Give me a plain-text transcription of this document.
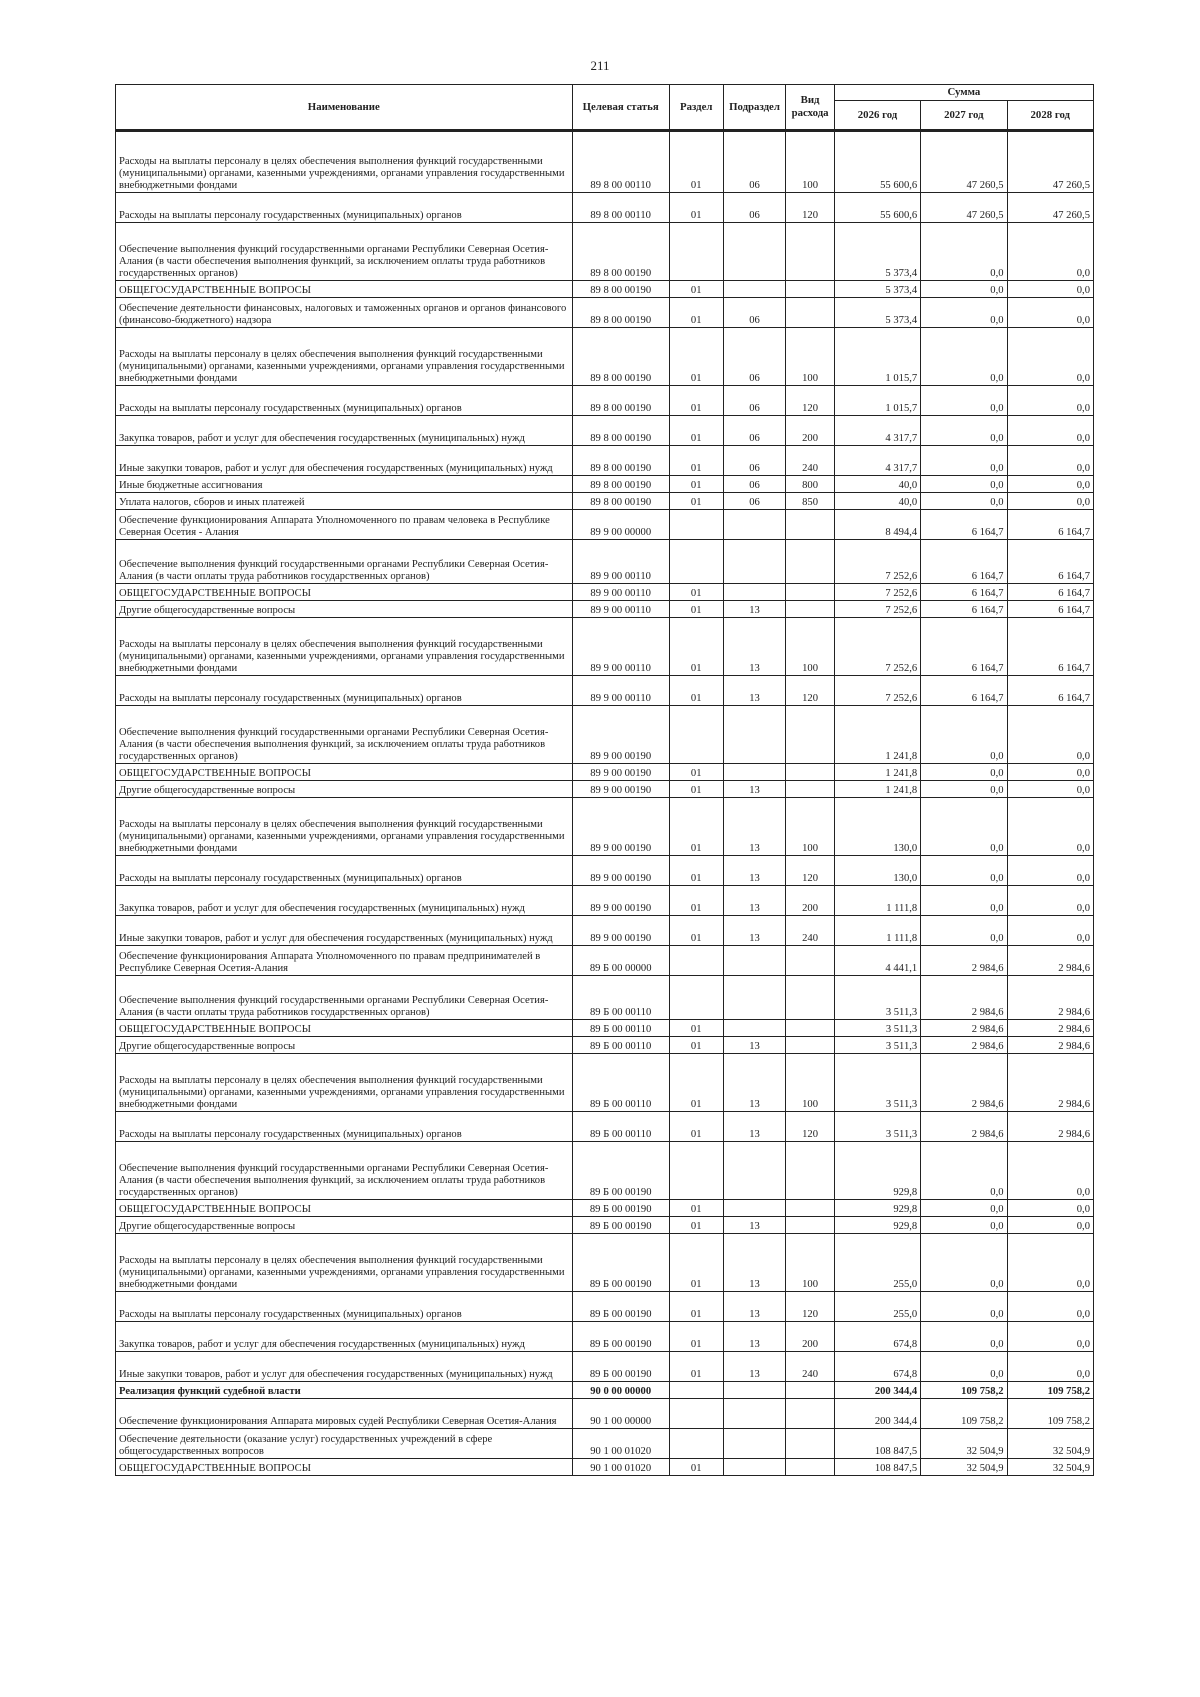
211
Наименование	Целевая статья	Раздел	Подраздел	Вид расхода	Сумма		
					2026 год	2027 год	2028 год
Расходы на выплаты персоналу в целях обеспечения выполнения функций государственными (муниципальными) органами, казенными учреждениями, органами управления государственными внебюджетными фондами	89 8 00 00110	01	06	100	55 600,6	47 260,5	47 260,5
Расходы на выплаты персоналу государственных (муниципальных) органов	89 8 00 00110	01	06	120	55 600,6	47 260,5	47 260,5
Обеспечение выполнения функций государственными органами Республики Северная Осетия-Алания (в части обеспечения выполнения функций, за исключением оплаты труда работников государственных органов)	89 8 00 00190				5 373,4	0,0	0,0
ОБЩЕГОСУДАРСТВЕННЫЕ ВОПРОСЫ	89 8 00 00190	01			5 373,4	0,0	0,0
Обеспечение деятельности финансовых, налоговых и таможенных органов и органов финансового (финансово-бюджетного) надзора	89 8 00 00190	01	06		5 373,4	0,0	0,0
Расходы на выплаты персоналу в целях обеспечения выполнения функций государственными (муниципальными) органами, казенными учреждениями, органами управления государственными внебюджетными фондами	89 8 00 00190	01	06	100	1 015,7	0,0	0,0
Расходы на выплаты персоналу государственных (муниципальных) органов	89 8 00 00190	01	06	120	1 015,7	0,0	0,0
Закупка товаров, работ и услуг для обеспечения государственных (муниципальных) нужд	89 8 00 00190	01	06	200	4 317,7	0,0	0,0
Иные закупки товаров, работ и услуг для обеспечения государственных (муниципальных) нужд	89 8 00 00190	01	06	240	4 317,7	0,0	0,0
Иные бюджетные ассигнования	89 8 00 00190	01	06	800	40,0	0,0	0,0
Уплата налогов, сборов и иных платежей	89 8 00 00190	01	06	850	40,0	0,0	0,0
Обеспечение функционирования Аппарата Уполномоченного по правам человека в Республике Северная Осетия - Алания	89 9 00 00000				8 494,4	6 164,7	6 164,7
Обеспечение выполнения функций государственными органами Республики Северная Осетия-Алания (в части оплаты труда работников государственных органов)	89 9 00 00110				7 252,6	6 164,7	6 164,7
ОБЩЕГОСУДАРСТВЕННЫЕ ВОПРОСЫ	89 9 00 00110	01			7 252,6	6 164,7	6 164,7
Другие общегосударственные вопросы	89 9 00 00110	01	13		7 252,6	6 164,7	6 164,7
Расходы на выплаты персоналу в целях обеспечения выполнения функций государственными (муниципальными) органами, казенными учреждениями, органами управления государственными внебюджетными фондами	89 9 00 00110	01	13	100	7 252,6	6 164,7	6 164,7
Расходы на выплаты персоналу государственных (муниципальных) органов	89 9 00 00110	01	13	120	7 252,6	6 164,7	6 164,7
Обеспечение выполнения функций государственными органами Республики Северная Осетия-Алания (в части обеспечения выполнения функций, за исключением оплаты труда работников государственных органов)	89 9 00 00190				1 241,8	0,0	0,0
ОБЩЕГОСУДАРСТВЕННЫЕ ВОПРОСЫ	89 9 00 00190	01			1 241,8	0,0	0,0
Другие общегосударственные вопросы	89 9 00 00190	01	13		1 241,8	0,0	0,0
Расходы на выплаты персоналу в целях обеспечения выполнения функций государственными (муниципальными) органами, казенными учреждениями, органами управления государственными внебюджетными фондами	89 9 00 00190	01	13	100	130,0	0,0	0,0
Расходы на выплаты персоналу государственных (муниципальных) органов	89 9 00 00190	01	13	120	130,0	0,0	0,0
Закупка товаров, работ и услуг для обеспечения государственных (муниципальных) нужд	89 9 00 00190	01	13	200	1 111,8	0,0	0,0
Иные закупки товаров, работ и услуг для обеспечения государственных (муниципальных) нужд	89 9 00 00190	01	13	240	1 111,8	0,0	0,0
Обеспечение функционирования Аппарата Уполномоченного по правам предпринимателей в Республике Северная Осетия-Алания	89 Б 00 00000				4 441,1	2 984,6	2 984,6
Обеспечение выполнения функций государственными органами Республики Северная Осетия-Алания (в части оплаты труда работников государственных органов)	89 Б 00 00110				3 511,3	2 984,6	2 984,6
ОБЩЕГОСУДАРСТВЕННЫЕ ВОПРОСЫ	89 Б 00 00110	01			3 511,3	2 984,6	2 984,6
Другие общегосударственные вопросы	89 Б 00 00110	01	13		3 511,3	2 984,6	2 984,6
Расходы на выплаты персоналу в целях обеспечения выполнения функций государственными (муниципальными) органами, казенными учреждениями, органами управления государственными внебюджетными фондами	89 Б 00 00110	01	13	100	3 511,3	2 984,6	2 984,6
Расходы на выплаты персоналу государственных (муниципальных) органов	89 Б 00 00110	01	13	120	3 511,3	2 984,6	2 984,6
Обеспечение выполнения функций государственными органами Республики Северная Осетия-Алания (в части обеспечения выполнения функций, за исключением оплаты труда работников государственных органов)	89 Б 00 00190				929,8	0,0	0,0
ОБЩЕГОСУДАРСТВЕННЫЕ ВОПРОСЫ	89 Б 00 00190	01			929,8	0,0	0,0
Другие общегосударственные вопросы	89 Б 00 00190	01	13		929,8	0,0	0,0
Расходы на выплаты персоналу в целях обеспечения выполнения функций государственными (муниципальными) органами, казенными учреждениями, органами управления государственными внебюджетными фондами	89 Б 00 00190	01	13	100	255,0	0,0	0,0
Расходы на выплаты персоналу государственных (муниципальных) органов	89 Б 00 00190	01	13	120	255,0	0,0	0,0
Закупка товаров, работ и услуг для обеспечения государственных (муниципальных) нужд	89 Б 00 00190	01	13	200	674,8	0,0	0,0
Иные закупки товаров, работ и услуг для обеспечения государственных (муниципальных) нужд	89 Б 00 00190	01	13	240	674,8	0,0	0,0
Реализация функций судебной власти	90 0 00 00000				200 344,4	109 758,2	109 758,2
Обеспечение функционирования Аппарата мировых судей Республики Северная Осетия-Алания	90 1 00 00000				200 344,4	109 758,2	109 758,2
Обеспечение деятельности (оказание услуг) государственных учреждений в сфере общегосударственных вопросов	90 1 00 01020				108 847,5	32 504,9	32 504,9
ОБЩЕГОСУДАРСТВЕННЫЕ ВОПРОСЫ	90 1 00 01020	01			108 847,5	32 504,9	32 504,9
